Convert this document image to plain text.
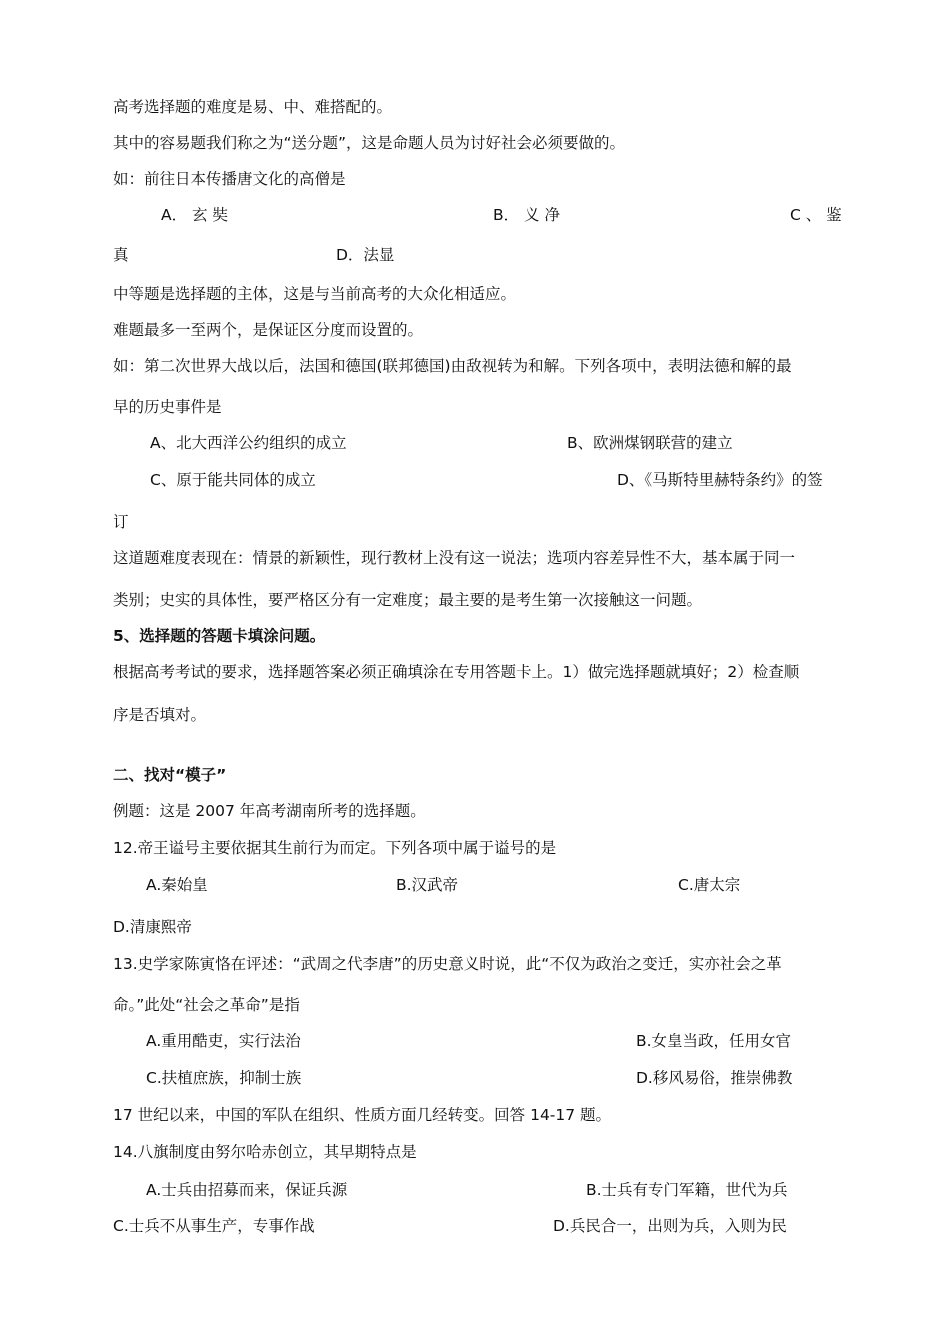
高考选择题的难度是易、中、难搭配的。
其中的容易题我们称之为“送分题”，这是命题人员为讨好社会必须要做的。
如：前往日本传播唐文化的高僧是
A． 玄 奘	B． 义 净	C 、 鉴
真	D．法显
中等题是选择题的主体，这是与当前高考的大众化相适应。
难题最多一至两个，是保证区分度而设置的。
如：第二次世界大战以后，法国和德国(联邦德国)由敌视转为和解。下列各项中，表明法德和解的最
早的历史事件是
A、北大西洋公约组织的成立	B、欧洲煤钢联营的建立
C、原于能共同体的成立	D、《马斯特里赫特条约》的签
订
这道题难度表现在：情景的新颖性，现行教材上没有这一说法；选项内容差异性不大，基本属于同一
类别；史实的具体性，要严格区分有一定难度；最主要的是考生第一次接触这一问题。
5、选择题的答题卡填涂问题。
根据高考考试的要求，选择题答案必须正确填涂在专用答题卡上。1）做完选择题就填好；2）检查顺
序是否填对。
二、找对“模子”
例题：这是 2007 年高考湖南所考的选择题。
12.帝王谥号主要依据其生前行为而定。下列各项中属于谥号的是
A.秦始皇	B.汉武帝	C.唐太宗
D.清康熙帝
13.史学家陈寅恪在评述：“武周之代李唐”的历史意义时说，此“不仅为政治之变迁，实亦社会之革
命。”此处“社会之革命”是指
A.重用酷吏，实行法治	B.女皇当政，任用女官
C.扶植庶族，抑制士族	D.移风易俗，推崇佛教
17 世纪以来，中国的军队在组织、性质方面几经转变。回答 14-17 题。
14.八旗制度由努尔哈赤创立，其早期特点是
A.士兵由招募而来，保证兵源	B.士兵有专门军籍，世代为兵
C.士兵不从事生产，专事作战	D.兵民合一，出则为兵，入则为民
